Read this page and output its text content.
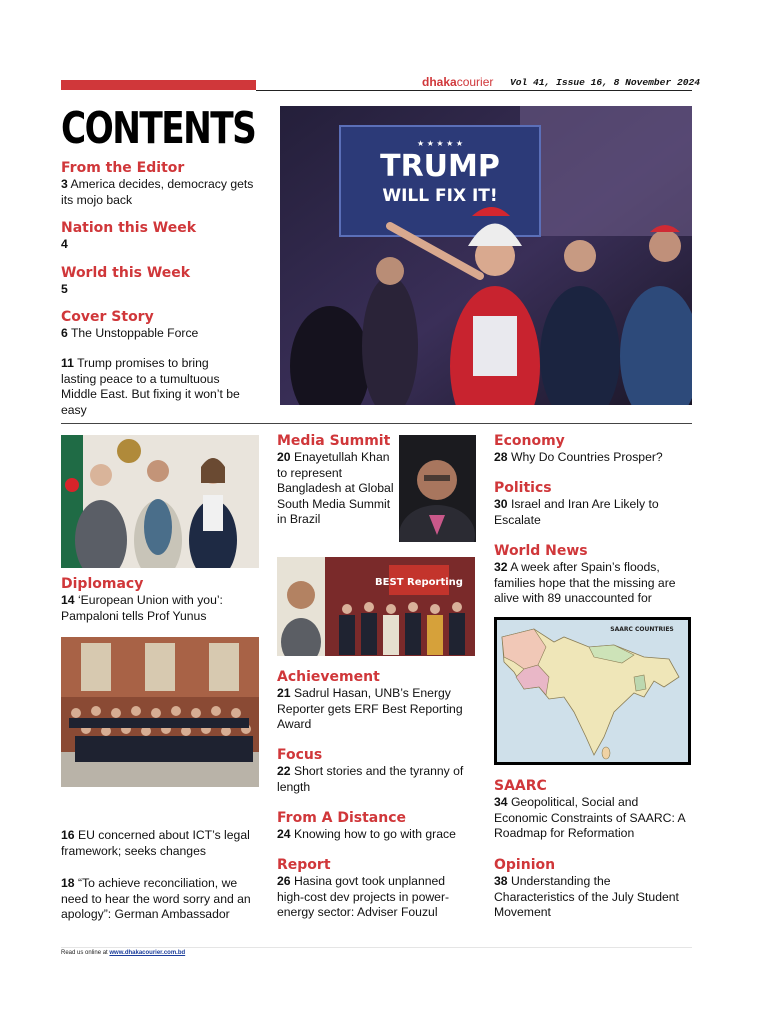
dhakacourier Vol 41, Issue 16, 8 November 2024
CONTENTS
From the Editor
3 America decides, democracy gets its mojo back
Nation this Week
4
World this Week
5
Cover Story
6 The Unstoppable Force
11 Trump promises to bring lasting peace to a tumultuous Middle East. But fixing it won’t be easy
★ ★ ★ ★ ★
TRUMP
WILL FIX IT!
Diplomacy
14 ‘European Union with you’: Pampaloni tells Prof Yunus
16 EU concerned about ICT’s legal framework; seeks changes
18 “To achieve reconciliation, we need to hear the word sorry and an apology”: German Ambassador
Media Summit
20 Enayetullah Khan to represent Bangladesh at Global South Media Summit in Brazil
BEST Reporting
Achievement
21 Sadrul Hasan, UNB’s Energy Reporter gets ERF Best Reporting Award
Focus
22 Short stories and the tyranny of length
From A Distance
24 Knowing how to go with grace
Report
26 Hasina govt took unplanned high-cost dev projects in power-energy sector: Adviser Fouzul
Economy
28 Why Do Countries Prosper?
Politics
30 Israel and Iran Are Likely to Escalate
World News
32 A week after Spain’s floods, families hope that the missing are alive with 89 unaccounted for
SAARC COUNTRIES
SAARC
34 Geopolitical, Social and Economic Constraints of SAARC: A Roadmap for Reformation
Opinion
38 Understanding the Characteristics of the July Student Movement
Read us online at www.dhakacourier.com.bd
